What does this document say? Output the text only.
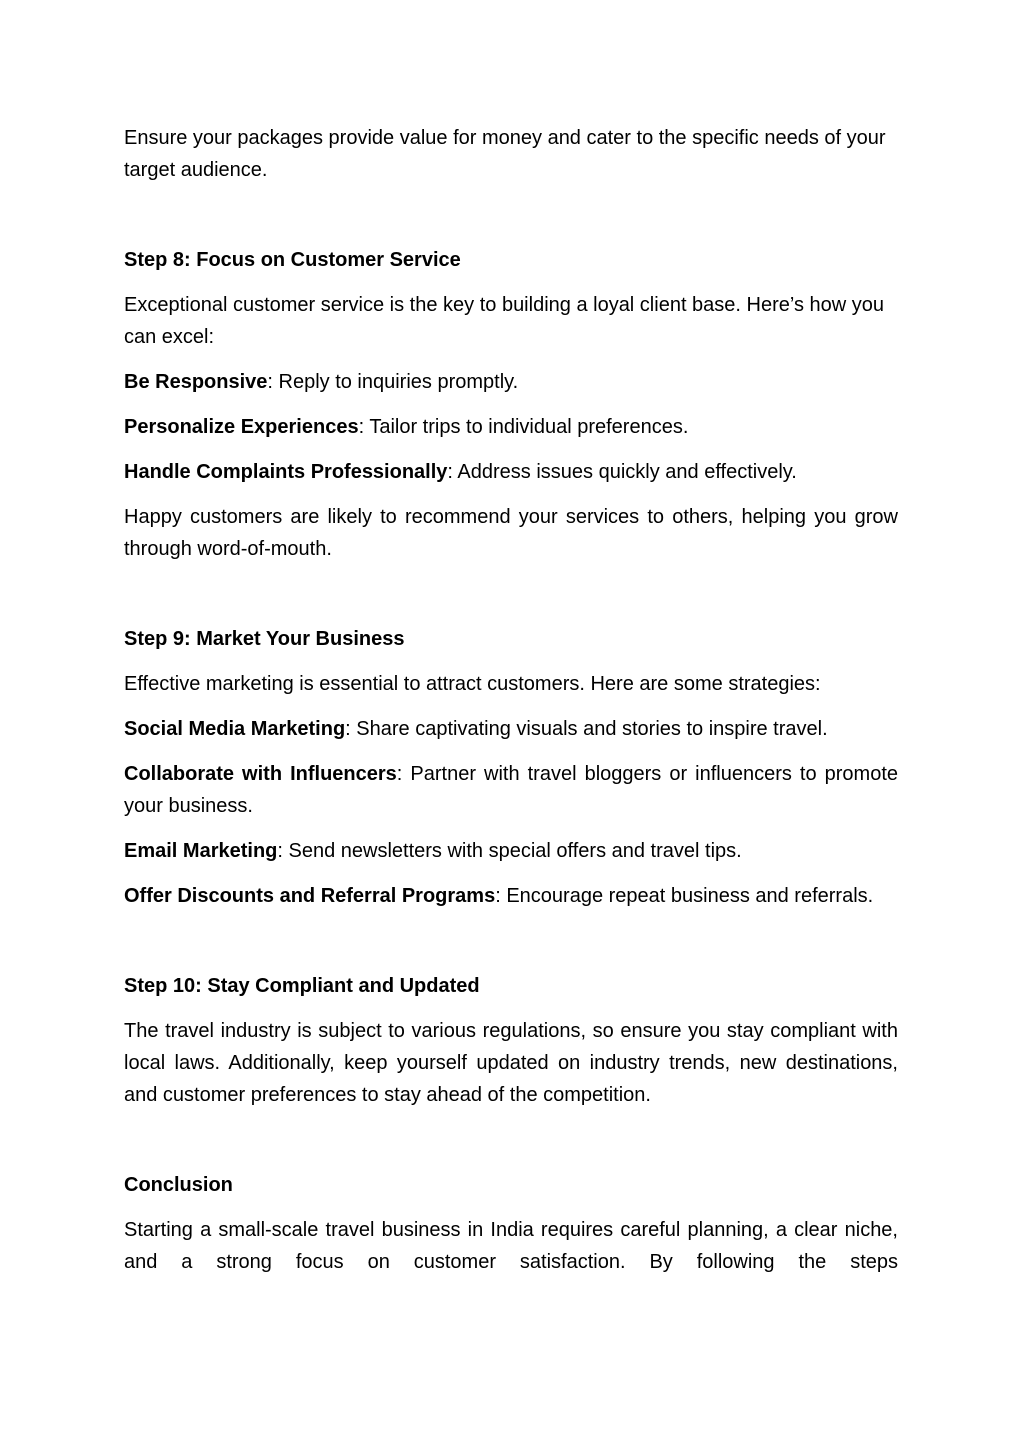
Ensure your packages provide value for money and cater to the specific needs of your target audience.

Step 8: Focus on Customer Service

Exceptional customer service is the key to building a loyal client base. Here’s how you can excel:

Be Responsive: Reply to inquiries promptly.

Personalize Experiences: Tailor trips to individual preferences.

Handle Complaints Professionally: Address issues quickly and effectively.

Happy customers are likely to recommend your services to others, helping you grow through word-of-mouth.

Step 9: Market Your Business

Effective marketing is essential to attract customers. Here are some strategies:

Social Media Marketing: Share captivating visuals and stories to inspire travel.

Collaborate with Influencers: Partner with travel bloggers or influencers to promote your business.

Email Marketing: Send newsletters with special offers and travel tips.

Offer Discounts and Referral Programs: Encourage repeat business and referrals.

Step 10: Stay Compliant and Updated

The travel industry is subject to various regulations, so ensure you stay compliant with local laws. Additionally, keep yourself updated on industry trends, new destinations, and customer preferences to stay ahead of the competition.

Conclusion

Starting a small-scale travel business in India requires careful planning, a clear niche, and a strong focus on customer satisfaction. By following the steps
